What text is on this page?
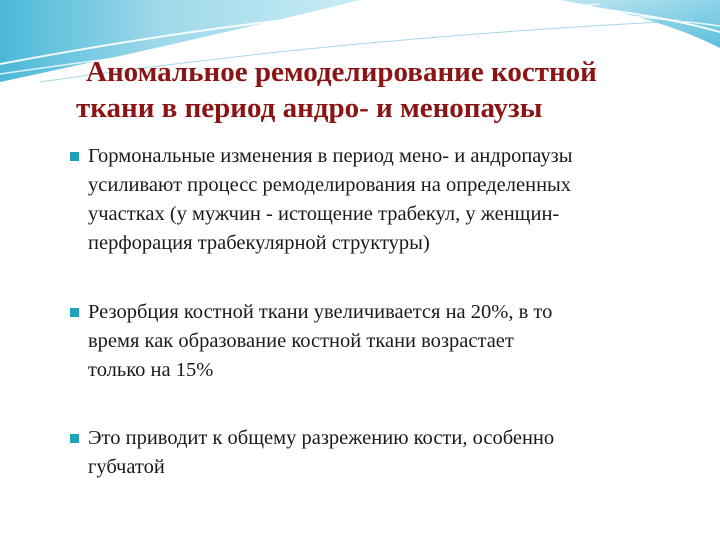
Аномальное ремоделирование костной
ткани в период андро- и менопаузы
Гормональные изменения в период мено- и андропаузы
усиливают процесс ремоделирования на определенных
участках (у мужчин - истощение трабекул, у женщин-
перфорация трабекулярной структуры)
Резорбция костной ткани увеличивается на 20%, в то
время как образование костной ткани возрастает
только на 15%
Это приводит к общему разрежению кости, особенно
губчатой
